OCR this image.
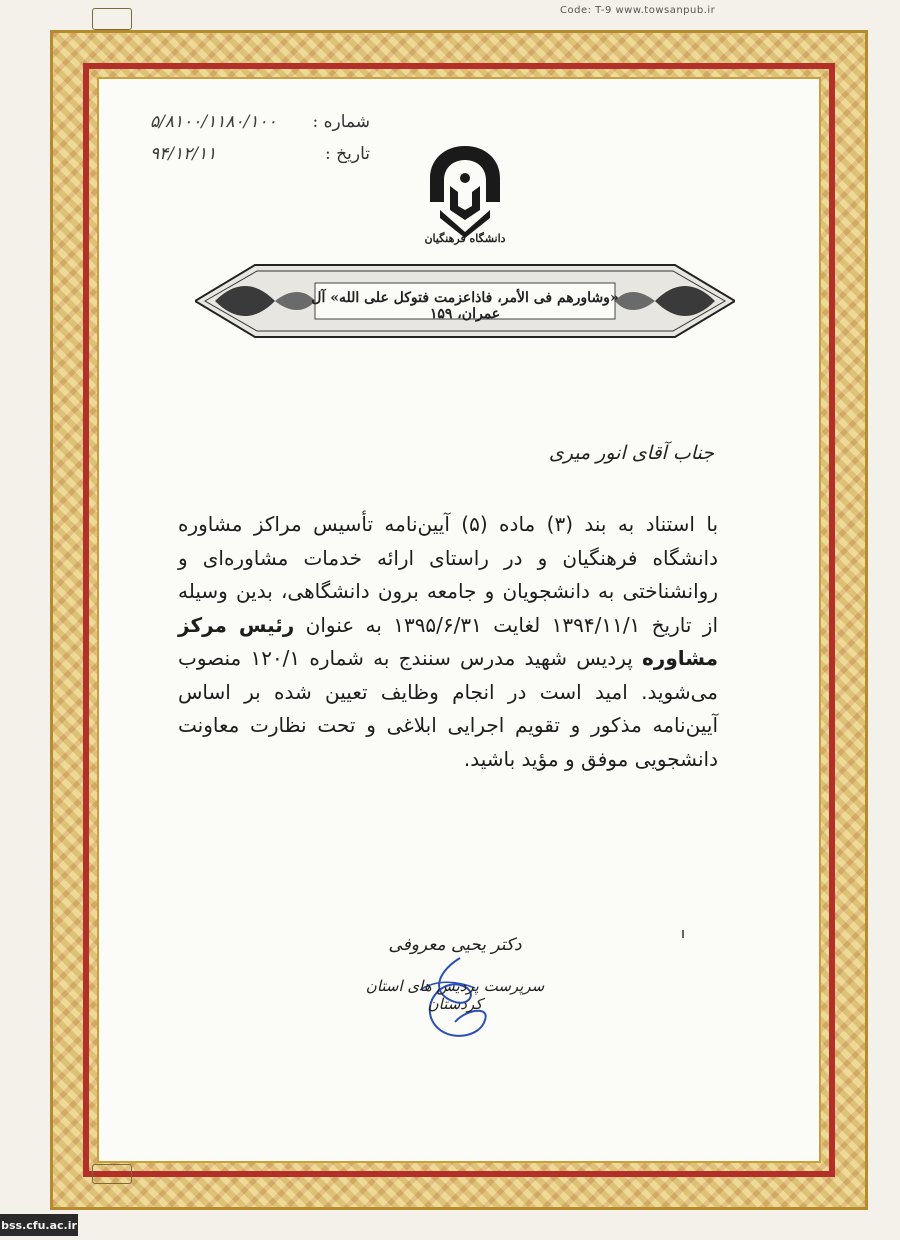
Code: T-9 www.towsanpub.ir
شماره :
۵/۸۱۰۰/۱۱۸۰/۱۰۰
تاریخ :
۹۴/۱۲/۱۱
دانشگاه فرهنگیان
«وشاورهم فی الأمر، فاذاعزمت فتوكل علی الله» آل عمران، ۱۵۹
جناب آقای انور میری
با استناد به بند (۳) ماده (۵) آیین‌نامه تأسیس مراکز مشاوره دانشگاه فرهنگیان و در راستای ارائه خدمات مشاوره‌ای و روانشناختی به دانشجویان و جامعه برون دانشگاهی، بدین وسیله از تاریخ ۱۳۹۴/۱۱/۱ لغایت ۱۳۹۵/۶/۳۱ به عنوان رئیس مرکز مشاوره پردیس شهید مدرس سنندج به شماره ۱۲۰/۱ منصوب می‌شوید. امید است در انجام وظایف تعیین شده بر اساس آیین‌نامه مذکور و تقویم اجرایی ابلاغی و تحت نظارت معاونت دانشجویی موفق و مؤید باشید.
دکتر یحیی معروفی
سرپرست پردیس های استان کردستان
bss.cfu.ac.ir
